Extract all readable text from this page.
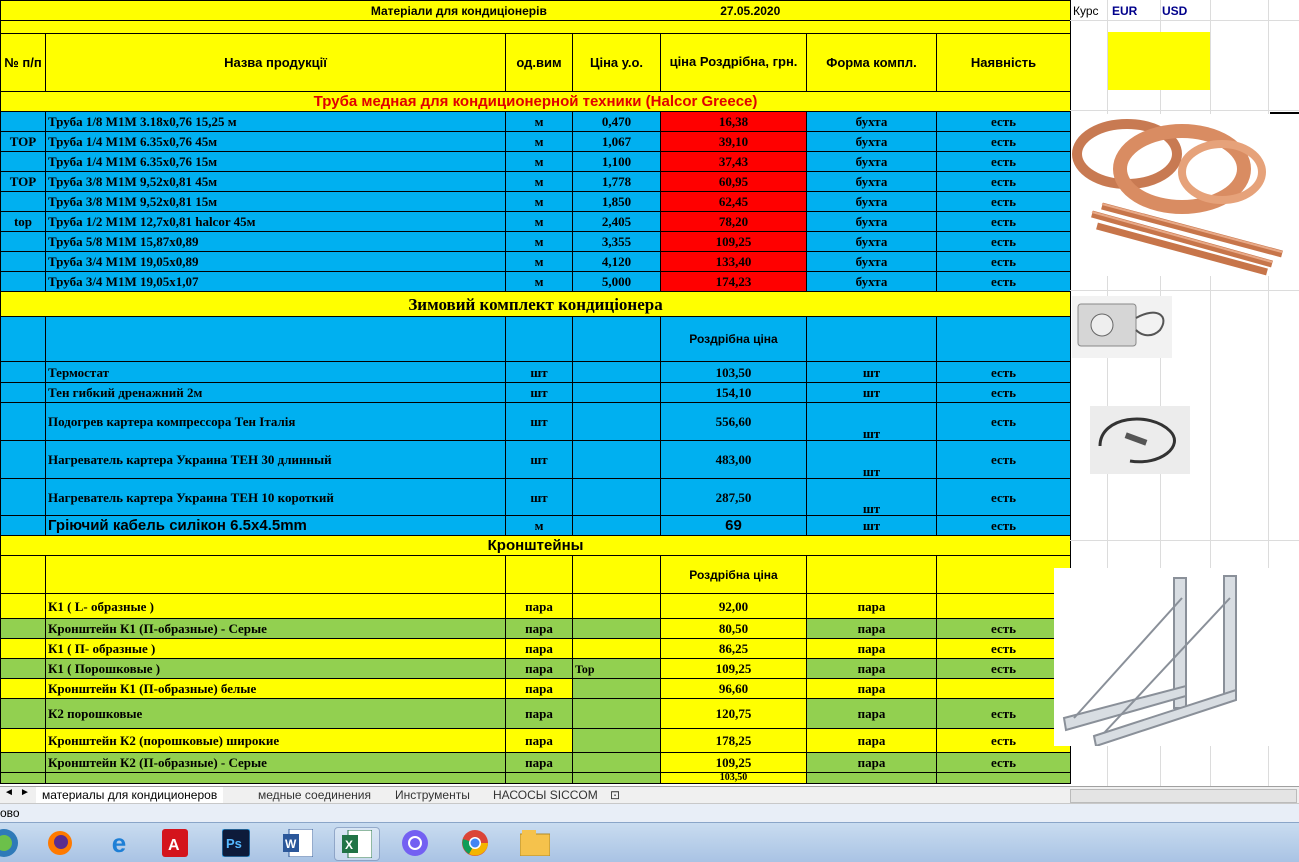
Матеріали для кондиціонерів 27.05.2020						

№ п/п	Назва продукції	од.вим	Ціна у.о.	ціна Роздрібна, грн.	Форма компл.	Наявність
Труба медная для кондиционерной техники (Halcor Greece)						
	Труба 1/8 M1M 3.18x0,76 15,25 м	м	0,470	16,38	бухта	есть
TOP	Труба 1/4 M1M 6.35x0,76 45м	м	1,067	39,10	бухта	есть
	Труба 1/4 M1M 6.35x0,76 15м	м	1,100	37,43	бухта	есть
TOP	Труба 3/8 M1M 9,52x0,81 45м	м	1,778	60,95	бухта	есть
	Труба 3/8 M1M 9,52x0,81 15м	м	1,850	62,45	бухта	есть
top	Труба 1/2 M1M 12,7x0,81 halcor 45м	м	2,405	78,20	бухта	есть
	Труба 5/8 M1M 15,87x0,89	м	3,355	109,25	бухта	есть
	Труба 3/4 M1M 19,05x0,89	м	4,120	133,40	бухта	есть
	Труба 3/4 M1M 19,05x1,07	м	5,000	174,23	бухта	есть
Зимовий комплект кондиціонера						
				Роздрібна ціна		
	Термостат	шт		103,50	шт	есть
	Тен гибкий дренажний 2м	шт		154,10	шт	есть
	Подогрев картера компрессора Тен Італія	шт		556,60	шт	есть
	Нагреватель картера Украина ТЕН 30 длинный	шт		483,00	шт	есть
	Нагреватель картера Украина ТЕН 10 короткий	шт		287,50	шт	есть
	Гріючий кабель силікон 6.5x4.5mm	м		69	шт	есть
Кронштейны						
				Роздрібна ціна		
	К1 ( L- образные )	пара		92,00	пара	
	Кронштейн К1 (П-образные) - Серые	пара		80,50	пара	есть
	К1 ( П- образные )	пара		86,25	пара	есть
	К1 ( Порошковые )	пара	Top	109,25	пара	есть
	Кронштейн К1 (П-образные) белые	пара		96,60	пара	
	К2 порошковые	пара		120,75	пара	есть
	Кронштейн К2 (порошковые) широкие	пара		178,25	пара	есть
	Кронштейн К2 (П-образные) - Серые	пара		109,25	пара	есть
				103,50		
Курс EUR USD
◄ ►	материалы для кондиционеров	медные соединения	Инструменты	НАСОСЫ SICCOM	⊡
ово
e	A	Ps	W	X
